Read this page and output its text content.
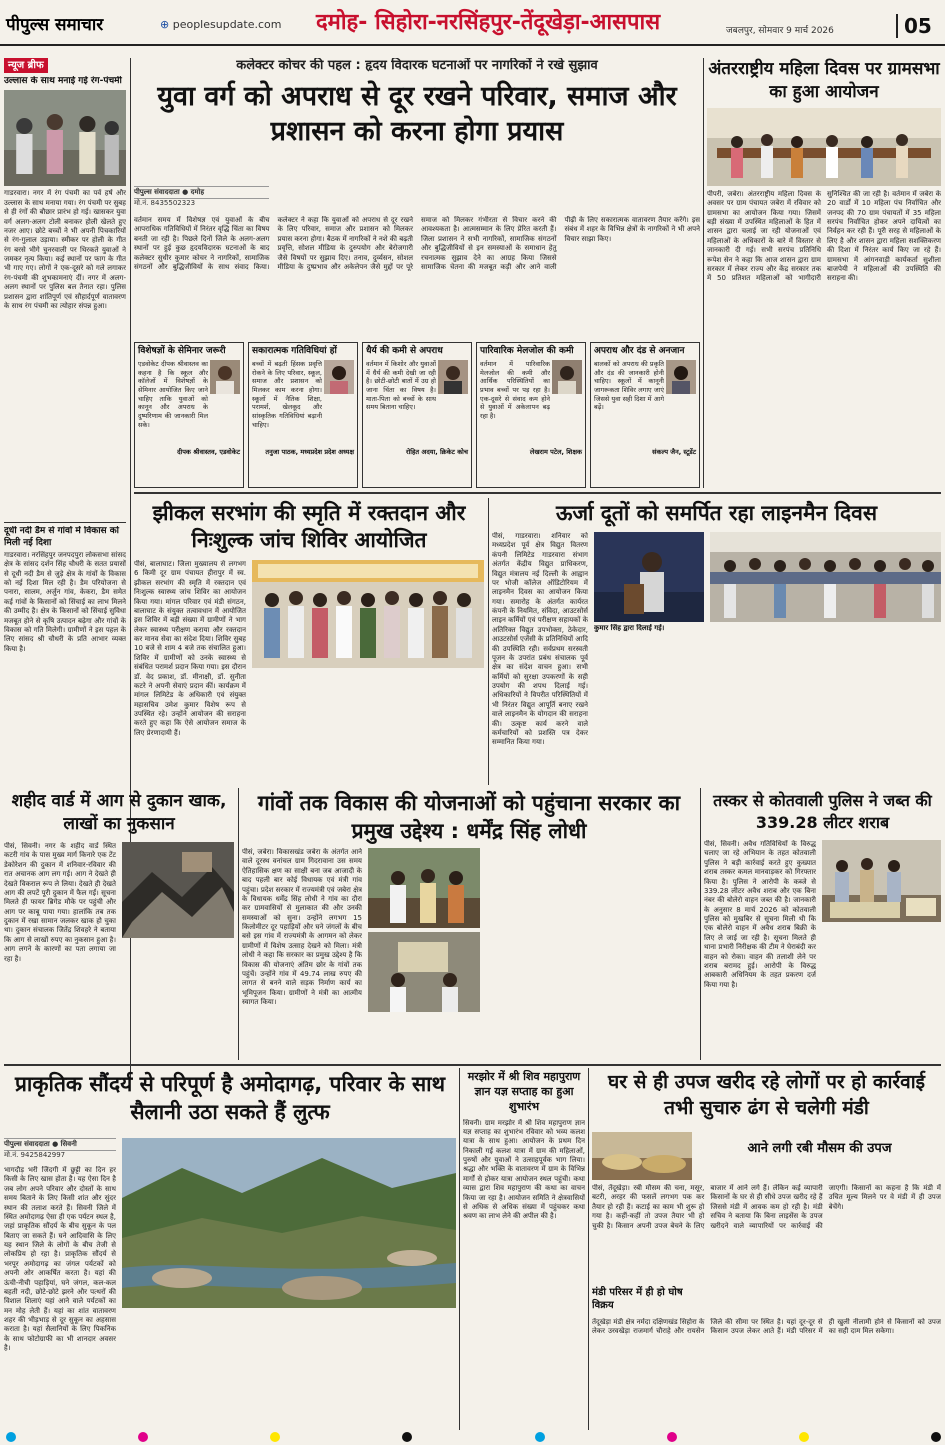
पीपुल्स समाचार	⊕ peoplesupdate.com दमोह- सिहोरा-नरसिंहपुर-तेंदूखेड़ा-आसपास	जबलपुर, सोमवार 9 मार्च 2026	05
न्यूज ब्रीफ
उल्लास के साथ मनाई गई रंग-पंचमी
गाडरवारा। नगर में रंग पंचमी का पर्व हर्ष और उल्लास के साथ मनाया गया। रंग पंचमी पर सुबह से ही रंगों की बौछार प्रारंभ हो गई। खासकर युवा वर्ग अलग-अलग टोली बनाकर होली खेलते हुए नजर आए। छोटे बच्चों ने भी अपनी पिचकारियों से रंग-गुलाल उड़ाया। स्मीकर पर होली के गीत रंग बरसे भीगे चुनरवाली पर थिरकते युवाओं ने जमकर नृत्य किया। कई स्थानों पर फाग के गीत भी गाए गए। लोगों ने एक-दूसरे को गले लगाकर रंग-पंचमी की शुभकामनाएं दीं। नगर में अलग-अलग स्थानों पर पुलिस बल तैनात रहा। पुलिस प्रशासन द्वारा शांतिपूर्ण एवं सौहार्दपूर्ण वातावरण के साथ रंग पंचमी का त्योहार संपन्न हुआ।
दूधी नदी डैम से गांवों में विकास को मिली नई दिशा
गाडरवारा। नरसिंहपुर जनपदपुरा लोकसभा सांसद क्षेत्र के सांसद दर्शन सिंह चौधरी के सतत प्रयासों से दूधी नदी डैम से जुड़े क्षेत्र के गांवों के विकास को नई दिशा मिल रही है। डैम परियोजना से पनारा, सालम, अर्जुन गांव, केकरा, डैम समेत कई गांवों के किसानों को सिंचाई का लाभ मिलने की उम्मीद है। क्षेत्र के किसानों को सिंचाई सुविधा मजबूत होने से कृषि उत्पादन बढ़ेगा और गांवों के विकास को गति मिलेगी। ग्रामीणों ने इस पहल के लिए सांसद श्री चौधरी के प्रति आभार व्यक्त किया है।
कलेक्टर कोचर की पहल : हृदय विदारक घटनाओं पर नागरिकों ने रखे सुझाव
युवा वर्ग को अपराध से दूर रखने परिवार, समाज और प्रशासन को करना होगा प्रयास
पीपुल्स संवाददाता ● दमोह
मो.नं. 8435502323
वर्तमान समय में विशेषज्ञ एवं युवाओं के बीच आपराधिक गतिविधियों में निरंतर वृद्धि चिंता का विषय बनती जा रही है। पिछले दिनों जिले के अलग-अलग स्थानों पर हुई कुछ हृदयविदारक घटनाओं के बाद कलेक्टर सुधीर कुमार कोचर ने नागरिकों, सामाजिक संगठनों और बुद्धिजीवियों के साथ संवाद किया। कलेक्टर ने कहा कि युवाओं को अपराध से दूर रखने के लिए परिवार, समाज और प्रशासन को मिलकर प्रयास करना होगा। बैठक में नागरिकों ने नशे की बढ़ती प्रवृत्ति, सोशल मीडिया के दुरुपयोग और बेरोजगारी जैसे विषयों पर सुझाव दिए। तनाव, दुर्व्यसन, सोशल मीडिया के दुष्प्रभाव और अकेलेपन जैसे मुद्दों पर पूरे समाज को मिलकर गंभीरता से विचार करने की आवश्यकता है। आत्मसम्मान के लिए प्रेरित करती हैं। जिला प्रशासन ने सभी नागरिकों, सामाजिक संगठनों और बुद्धिजीवियों से इन समस्याओं के समाधान हेतु रचनात्मक सुझाव देने का आग्रह किया जिससे सामाजिक चेतना की मजबूत कड़ी और आने वाली पीढ़ी के लिए सकारात्मक वातावरण तैयार करेंगे। इस संबंध में शहर के विभिन्न क्षेत्रों के नागरिकों ने भी अपने विचार साझा किए।
विशेषज्ञों के सेमिनार जरूरी
एडवोकेट दीपक श्रीवास्तव का कहना है कि स्कूल और कॉलेजों में विशेषज्ञों के सेमिनार आयोजित किए जाने चाहिए ताकि युवाओं को कानून और अपराध के दुष्परिणाम की जानकारी मिल सके।
दीपक श्रीवास्तव, एडवोकेट
सकारात्मक गतिविधियां हों
बच्चों में बढ़ती हिंसक प्रवृत्ति रोकने के लिए परिवार, स्कूल, समाज और प्रशासन को मिलकर काम करना होगा। स्कूलों में नैतिक शिक्षा, परामर्श, खेलकूद और सांस्कृतिक गतिविधियां बढ़ानी चाहिए।
तनुजा पाठक, मध्यप्रदेश प्रदेश अध्यक्ष
धैर्य की कमी से अपराध
वर्तमान में किशोर और युवाओं में धैर्य की कमी देखी जा रही है। छोटी-छोटी बातों में उग्र हो जाना चिंता का विषय है। माता-पिता को बच्चों के साथ समय बिताना चाहिए।
रोहित अदया, क्रिकेट कोच
पारिवारिक मेलजोल की कमी
वर्तमान में पारिवारिक मेलजोल की कमी और आर्थिक परिस्थितियों का प्रभाव बच्चों पर पड़ रहा है। एक-दूसरे से संवाद कम होने से युवाओं में अकेलापन बढ़ रहा है।
लेखराम पटेल, शिक्षक
अपराध और दंड से अनजान
बालकों को अपराध की प्रकृति और दंड की जानकारी होनी चाहिए। स्कूलों में कानूनी जागरूकता शिविर लगाए जाएं जिससे युवा सही दिशा में आगे बढ़ें।
संकल्प जैन, स्टूडेंट
अंतरराष्ट्रीय महिला दिवस पर ग्रामसभा का हुआ आयोजन
पीपरी, जबेरा। अंतरराष्ट्रीय महिला दिवस के अवसर पर ग्राम पंचायत जबेरा में रविवार को ग्रामसभा का आयोजन किया गया। जिसमें बड़ी संख्या में उपस्थित महिलाओं के हित में शासन द्वारा चलाई जा रही योजनाओं एवं महिलाओं के अधिकारों के बारे में विस्तार से जानकारी दी गई। सभी सरपंच प्रतिनिधि रूपेश सेन ने कहा कि आज शासन द्वारा ग्राम सरकार में लेकर राज्य और केंद्र सरकार तक में 50 प्रतिशत महिलाओं को भागीदारी सुनिश्चित की जा रही है। वर्तमान में जबेरा के 20 वार्डों में 10 महिला पंच निर्वाचित और जनपद की 70 ग्राम पंचायतों में 35 महिला सरपंच निर्वाचित होकर अपने दायित्वों का निर्वहन कर रही हैं। पूरी सरह से महिलाओं के लिए है और शासन द्वारा महिला सशक्तिकरण की दिशा में निरंतर कार्य किए जा रहे हैं। ग्रामसभा में आंगनवाड़ी कार्यकर्ता सुशीला बाजपेयी ने महिलाओं की उपस्थिति की सराहना की।
झीकल सरभांग की स्मृति में रक्तदान और निःशुल्क जांच शिविर आयोजित
पीसं, बालाघाट। जिला मुख्यालय से लगभग 6 किमी दूर ग्राम पंचायत हीरापुर में स्व. झीकल सरभांग की स्मृति में रक्तदान एवं निःशुल्क स्वास्थ्य जांच शिविर का आयोजन किया गया। मांगल परिवार एवं मंडी संगठन, बालाघाट के संयुक्त तत्वावधान में आयोजित इस शिविर में बड़ी संख्या में ग्रामीणों ने भाग लेकर स्वास्थ्य परीक्षण कराया और रक्तदान कर मानव सेवा का संदेश दिया। शिविर सुबह 10 बजे से शाम 4 बजे तक संचालित हुआ। शिविर में ग्रामीणों को उनके स्वास्थ्य से संबंधित परामर्श प्रदान किया गया। इस दौरान डॉ. वेद प्रकाश, डॉ. मीनाक्षी, डॉ. सुनीता कटरे ने अपनी सेवाएं प्रदान कीं। कार्यक्रम में मांगल लिमिटेड के अधिकारी एवं संयुक्त महासचिव उमेश कुमार विशेष रूप से उपस्थित रहे। उन्होंने आयोजन की सराहना करते हुए कहा कि ऐसे आयोजन समाज के लिए प्रेरणादायी हैं।
ऊर्जा दूतों को समर्पित रहा लाइनमैन दिवस
पीसं, गाडरवारा। शनिवार को मध्यप्रदेश पूर्व क्षेत्र विद्युत वितरण कंपनी लिमिटेड गाडरवारा संभाग अंतर्गत केंद्रीय विद्युत प्राधिकरण, विद्युत मंत्रालय नई दिल्ली के आह्वान पर भोजी कॉलेज ऑडिटोरियम में लाइनमैन दिवस का आयोजन किया गया। समारोह के अंतर्गत कार्यरत कंपनी के नियमित, संविदा, आउटसोर्स लाइन कर्मियों एवं परीक्षण सहायकों के अतिरिक्त विद्युत उपभोक्ता, ठेकेदार, आउटसोर्स एजेंसी के प्रतिनिधियों आदि की उपस्थिति रही। सर्वप्रथम सरस्वती पूजन के उपरांत प्रबंध संचालक पूर्व क्षेत्र का संदेश वाचन हुआ। सभी कर्मियों को सुरक्षा उपकरणों के सही उपयोग की शपथ दिलाई गई। अधिकारियों ने विपरीत परिस्थितियों में भी निरंतर विद्युत आपूर्ति बनाए रखने वाले लाइनमैन के योगदान की सराहना की। उत्कृष्ट कार्य करने वाले कर्मचारियों को प्रशस्ति पत्र देकर सम्मानित किया गया।
कुमार सिंह द्वारा दिलाई गई।
शहीद वार्ड में आग से दुकान खाक, लाखों का नुकसान
पीसं, सिवनी। नगर के शहीद वार्ड स्थित कटरी गांव के पास मुख्य मार्ग किनारे एक टेंट डेकोरेशन की दुकान में शनिवार-रविवार की रात अचानक आग लग गई। आग ने देखते ही देखते विकराल रूप ले लिया। देखते ही देखते आग की लपटें पूरी दुकान में फैल गईं। सूचना मिलते ही फायर ब्रिगेड मौके पर पहुंची और आग पर काबू पाया गया। हालांकि तब तक दुकान में रखा सामान जलकर खाक हो चुका था। दुकान संचालक जितेंद्र शिवहरे ने बताया कि आग से लाखों रुपए का नुकसान हुआ है। आग लगने के कारणों का पता लगाया जा रहा है।
गांवों तक विकास की योजनाओं को पहुंचाना सरकार का प्रमुख उद्देश्य : धर्मेंद्र सिंह लोधी
पीसं, जबेरा। विकासखंड जबेरा के अंतर्गत आने वाले दूरस्थ वनांचल ग्राम गिदरावाना उस समय ऐतिहासिक क्षण का साक्षी बना जब आजादी के बाद पहली बार कोई विधायक एवं मंत्री गांव पहुंचा। प्रदेश सरकार में राज्यमंत्री एवं जबेरा क्षेत्र के विधायक धर्मेंद्र सिंह लोधी ने गांव का दौरा कर ग्रामवासियों से मुलाकात की और उनकी समस्याओं को सुना। उन्होंने लगभग 15 किलोमीटर दूर पहाड़ियों और घने जंगलों के बीच बसे इस गांव में राज्यमंत्री के आगमन को लेकर ग्रामीणों में विशेष उत्साह देखने को मिला। मंत्री लोधी ने कहा कि सरकार का प्रमुख उद्देश्य है कि विकास की योजनाएं अंतिम छोर के गांवों तक पहुंचें। उन्होंने गांव में 49.74 लाख रुपए की लागत से बनने वाले सड़क निर्माण कार्य का भूमिपूजन किया। ग्रामीणों ने मंत्री का आत्मीय स्वागत किया।
तस्कर से कोतवाली पुलिस ने जब्त की 339.28 लीटर शराब
पीसं, सिवनी। अवैध गतिविधियों के विरुद्ध चलाए जा रहे अभियान के तहत कोतवाली पुलिस ने बड़ी कार्रवाई करते हुए कुख्यात शराब तस्कर कमल मानवाड़कर को गिरफ्तार किया है। पुलिस ने आरोपी के कब्जे से 339.28 लीटर अवैध शराब और एक बिना नंबर की बोलेरो वाहन जब्त की है। जानकारी के अनुसार 8 मार्च 2026 को कोतवाली पुलिस को मुखबिर से सूचना मिली थी कि एक बोलेरो वाहन में अवैध शराब बिक्री के लिए ले जाई जा रही है। सूचना मिलते ही थाना प्रभारी निरीक्षक की टीम ने घेराबंदी कर वाहन को रोका। वाहन की तलाशी लेने पर शराब बरामद हुई। आरोपी के विरुद्ध आबकारी अधिनियम के तहत प्रकरण दर्ज किया गया है।
प्राकृतिक सौंदर्य से परिपूर्ण है अमोदागढ़, परिवार के साथ सैलानी उठा सकते हैं लुत्फ
पीपुल्स संवाददाता ● सिवनी
मो.नं. 9425842997
भागदौड़ भरी जिंदगी में छुट्टी का दिन हर किसी के लिए खास होता है। यह ऐसा दिन है जब लोग अपने परिवार और दोस्तों के साथ समय बिताने के लिए किसी शांत और सुंदर स्थान की तलाश करते हैं। सिवनी जिले में स्थित अमोदागढ़ ऐसा ही एक पर्यटन स्थल है, जहां प्राकृतिक सौंदर्य के बीच सुकून के पल बिताए जा सकते हैं। घने आदिवासि के लिए यह स्थान जिले के लोगों के बीच तेजी से लोकप्रिय हो रहा है। प्राकृतिक सौंदर्य से भरपूर अमोदागढ़ का जंगल पर्यटकों को अपनी ओर आकर्षित करता है। यहां की ऊंची-नीची पहाड़ियां, घने जंगल, कल-कल बहती नदी, छोटे-छोटे झरने और पत्थरों की विशाल शिलाएं यहां आने वाले पर्यटकों का मन मोह लेती हैं। यहां का शांत वातावरण शहर की भीड़भाड़ से दूर सुकून का अहसास कराता है। यहां सैलानियों के लिए पिकनिक के साथ फोटोग्राफी का भी शानदार अवसर है।
मरझोर में श्री शिव महापुराण ज्ञान यज्ञ सप्ताह का हुआ शुभारंभ
सिवनी। ग्राम मरझोर में श्री शिव महापुराण ज्ञान यज्ञ सप्ताह का शुभारंभ रविवार को भव्य कलश यात्रा के साथ हुआ। आयोजन के प्रथम दिन निकाली गई कलश यात्रा में ग्राम की महिलाओं, पुरुषों और युवाओं ने उत्साहपूर्वक भाग लिया। श्रद्धा और भक्ति के वातावरण में ग्राम के विभिन्न मार्गों से होकर यात्रा आयोजन स्थल पहुंची। कथा व्यास द्वारा शिव महापुराण की कथा का वाचन किया जा रहा है। आयोजन समिति ने क्षेत्रवासियों से अधिक से अधिक संख्या में पहुंचकर कथा श्रवण का लाभ लेने की अपील की है।
घर से ही उपज खरीद रहे लोगों पर हो कार्रवाई तभी सुचारु ढंग से चलेगी मंडी
आने लगी रबी मौसम की उपज
पीसं, तेंदूखेड़ा। रबी मौसम की चना, मसूर, बटरी, अरहर की फसलें लगभग पक कर तैयार हो रही हैं। कटाई का काम भी शुरू हो गया है। कहीं-कहीं तो उपज तैयार भी हो चुकी है। किसान अपनी उपज बेचने के लिए बाजार में आने लगे हैं। लेकिन कई व्यापारी किसानों के घर से ही सीधे उपज खरीद रहे हैं जिससे मंडी में आवक कम हो रही है। मंडी सचिव ने बताया कि बिना लाइसेंस के उपज खरीदने वाले व्यापारियों पर कार्रवाई की जाएगी। किसानों का कहना है कि मंडी में उचित मूल्य मिलने पर वे मंडी में ही उपज बेचेंगे।
मंडी परिसर में ही हो घोष विक्रय
तेंदूखेड़ा मंडी क्षेत्र नर्मदा दक्षिणखंड सिहोरा के लेकर उरवखेड़ा राजमार्ग चौराहे और रायसेन जिले की सीमा पर स्थित है। यहां दूर-दूर से किसान उपज लेकर आते हैं। मंडी परिसर में ही खुली नीलामी होने से किसानों को उपज का सही दाम मिल सकेगा।
